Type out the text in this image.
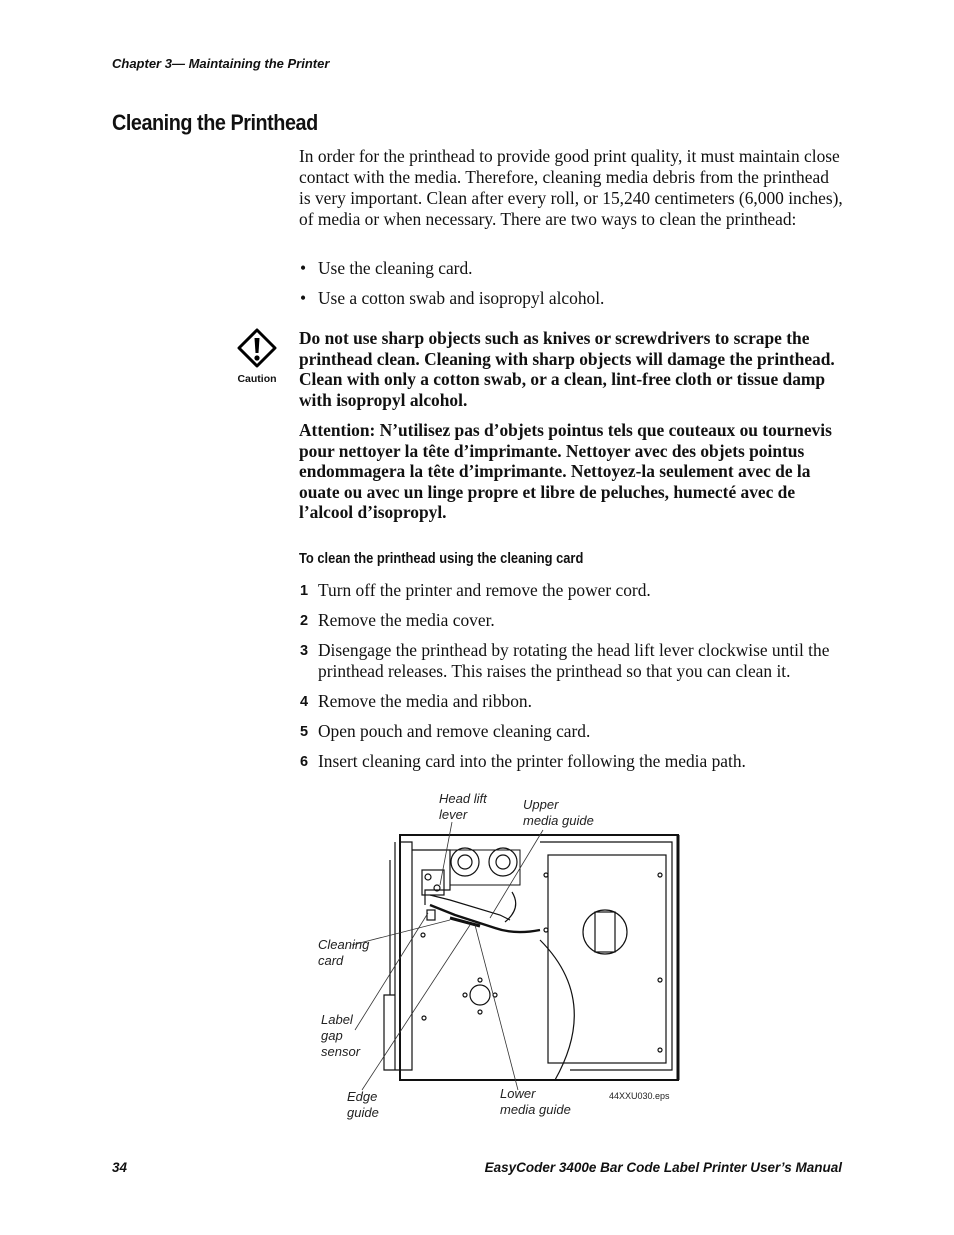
Chapter 3— Maintaining the Printer
Cleaning the Printhead

In order for the printhead to provide good print quality, it must maintain close contact with the media. Therefore, cleaning media debris from the printhead is very important. Clean after every roll, or 15,240 centimeters (6,000 inches), of media or when necessary. There are two ways to clean the printhead:

• Use the cleaning card.
• Use a cotton swab and isopropyl alcohol.
Caution

Do not use sharp objects such as knives or screwdrivers to scrape the printhead clean. Cleaning with sharp objects will damage the printhead. Clean with only a cotton swab, or a clean, lint-free cloth or tissue damp with isopropyl alcohol.

Attention: N’utilisez pas d’objets pointus tels que couteaux ou tournevis pour nettoyer la tête d’imprimante. Nettoyer avec des objets pointus endommagera la tête d’imprimante. Nettoyez-la seulement avec de la ouate ou avec un linge propre et libre de peluches, humecté avec de l’alcool d’isopropyl.

To clean the printhead using the cleaning card
1 Turn off the printer and remove the power cord.
2 Remove the media cover.
3 Disengage the printhead by rotating the head lift lever clockwise until the printhead releases. This raises the printhead so that you can clean it.
4 Remove the media and ribbon.
5 Open pouch and remove cleaning card.
6 Insert cleaning card into the printer following the media path.
Head lift
lever
Upper
media guide
Cleaning
card
Label
gap
sensor
Edge
guide
Lower
media guide
44XXU030.eps
34	EasyCoder 3400e Bar Code Label Printer User’s Manual
